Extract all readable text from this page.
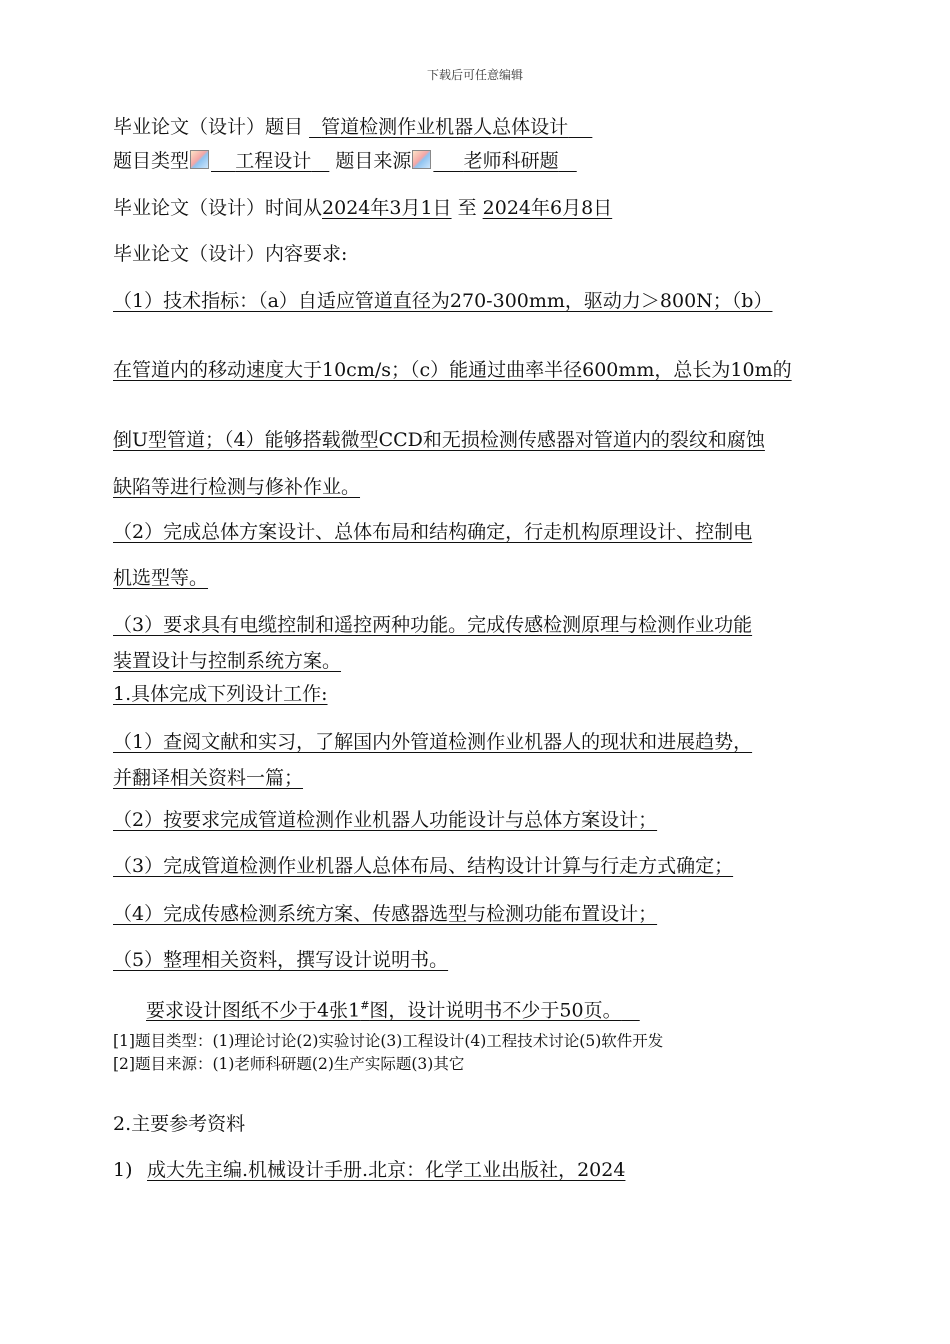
下载后可任意编辑
毕业论文（设计）题目 管道检测作业机器人总体设计
题目类型 工程设计 题目来源	老师科研题
毕业论文（设计）时间从2024年3月1日 至 2024年6月8日
毕业论文（设计）内容要求:
（1）技术指标：（a）自适应管道直径为270-300mm，驱动力＞800N；（b）
在管道内的移动速度大于10cm/s；（c）能通过曲率半径600mm，总长为10m的
倒U型管道；（4）能够搭载微型CCD和无损检测传感器对管道内的裂纹和腐蚀
缺陷等进行检测与修补作业。
（2）完成总体方案设计、总体布局和结构确定，行走机构原理设计、控制电
机选型等。
（3）要求具有电缆控制和遥控两种功能。完成传感检测原理与检测作业功能
装置设计与控制系统方案。
1.具体完成下列设计工作:
（1）查阅文献和实习，了解国内外管道检测作业机器人的现状和进展趋势，
并翻译相关资料一篇；
（2）按要求完成管道检测作业机器人功能设计与总体方案设计；
（3）完成管道检测作业机器人总体布局、结构设计计算与行走方式确定；
（4）完成传感检测系统方案、传感器选型与检测功能布置设计；
（5）整理相关资料，撰写设计说明书。
要求设计图纸不少于4张1#图，设计说明书不少于50页。
[1]题目类型：(1)理论讨论(2)实验讨论(3)工程设计(4)工程技术讨论(5)软件开发
[2]题目来源：(1)老师科研题(2)生产实际题(3)其它
2.主要参考资料
1) 成大先主编.机械设计手册.北京：化学工业出版社，2024
